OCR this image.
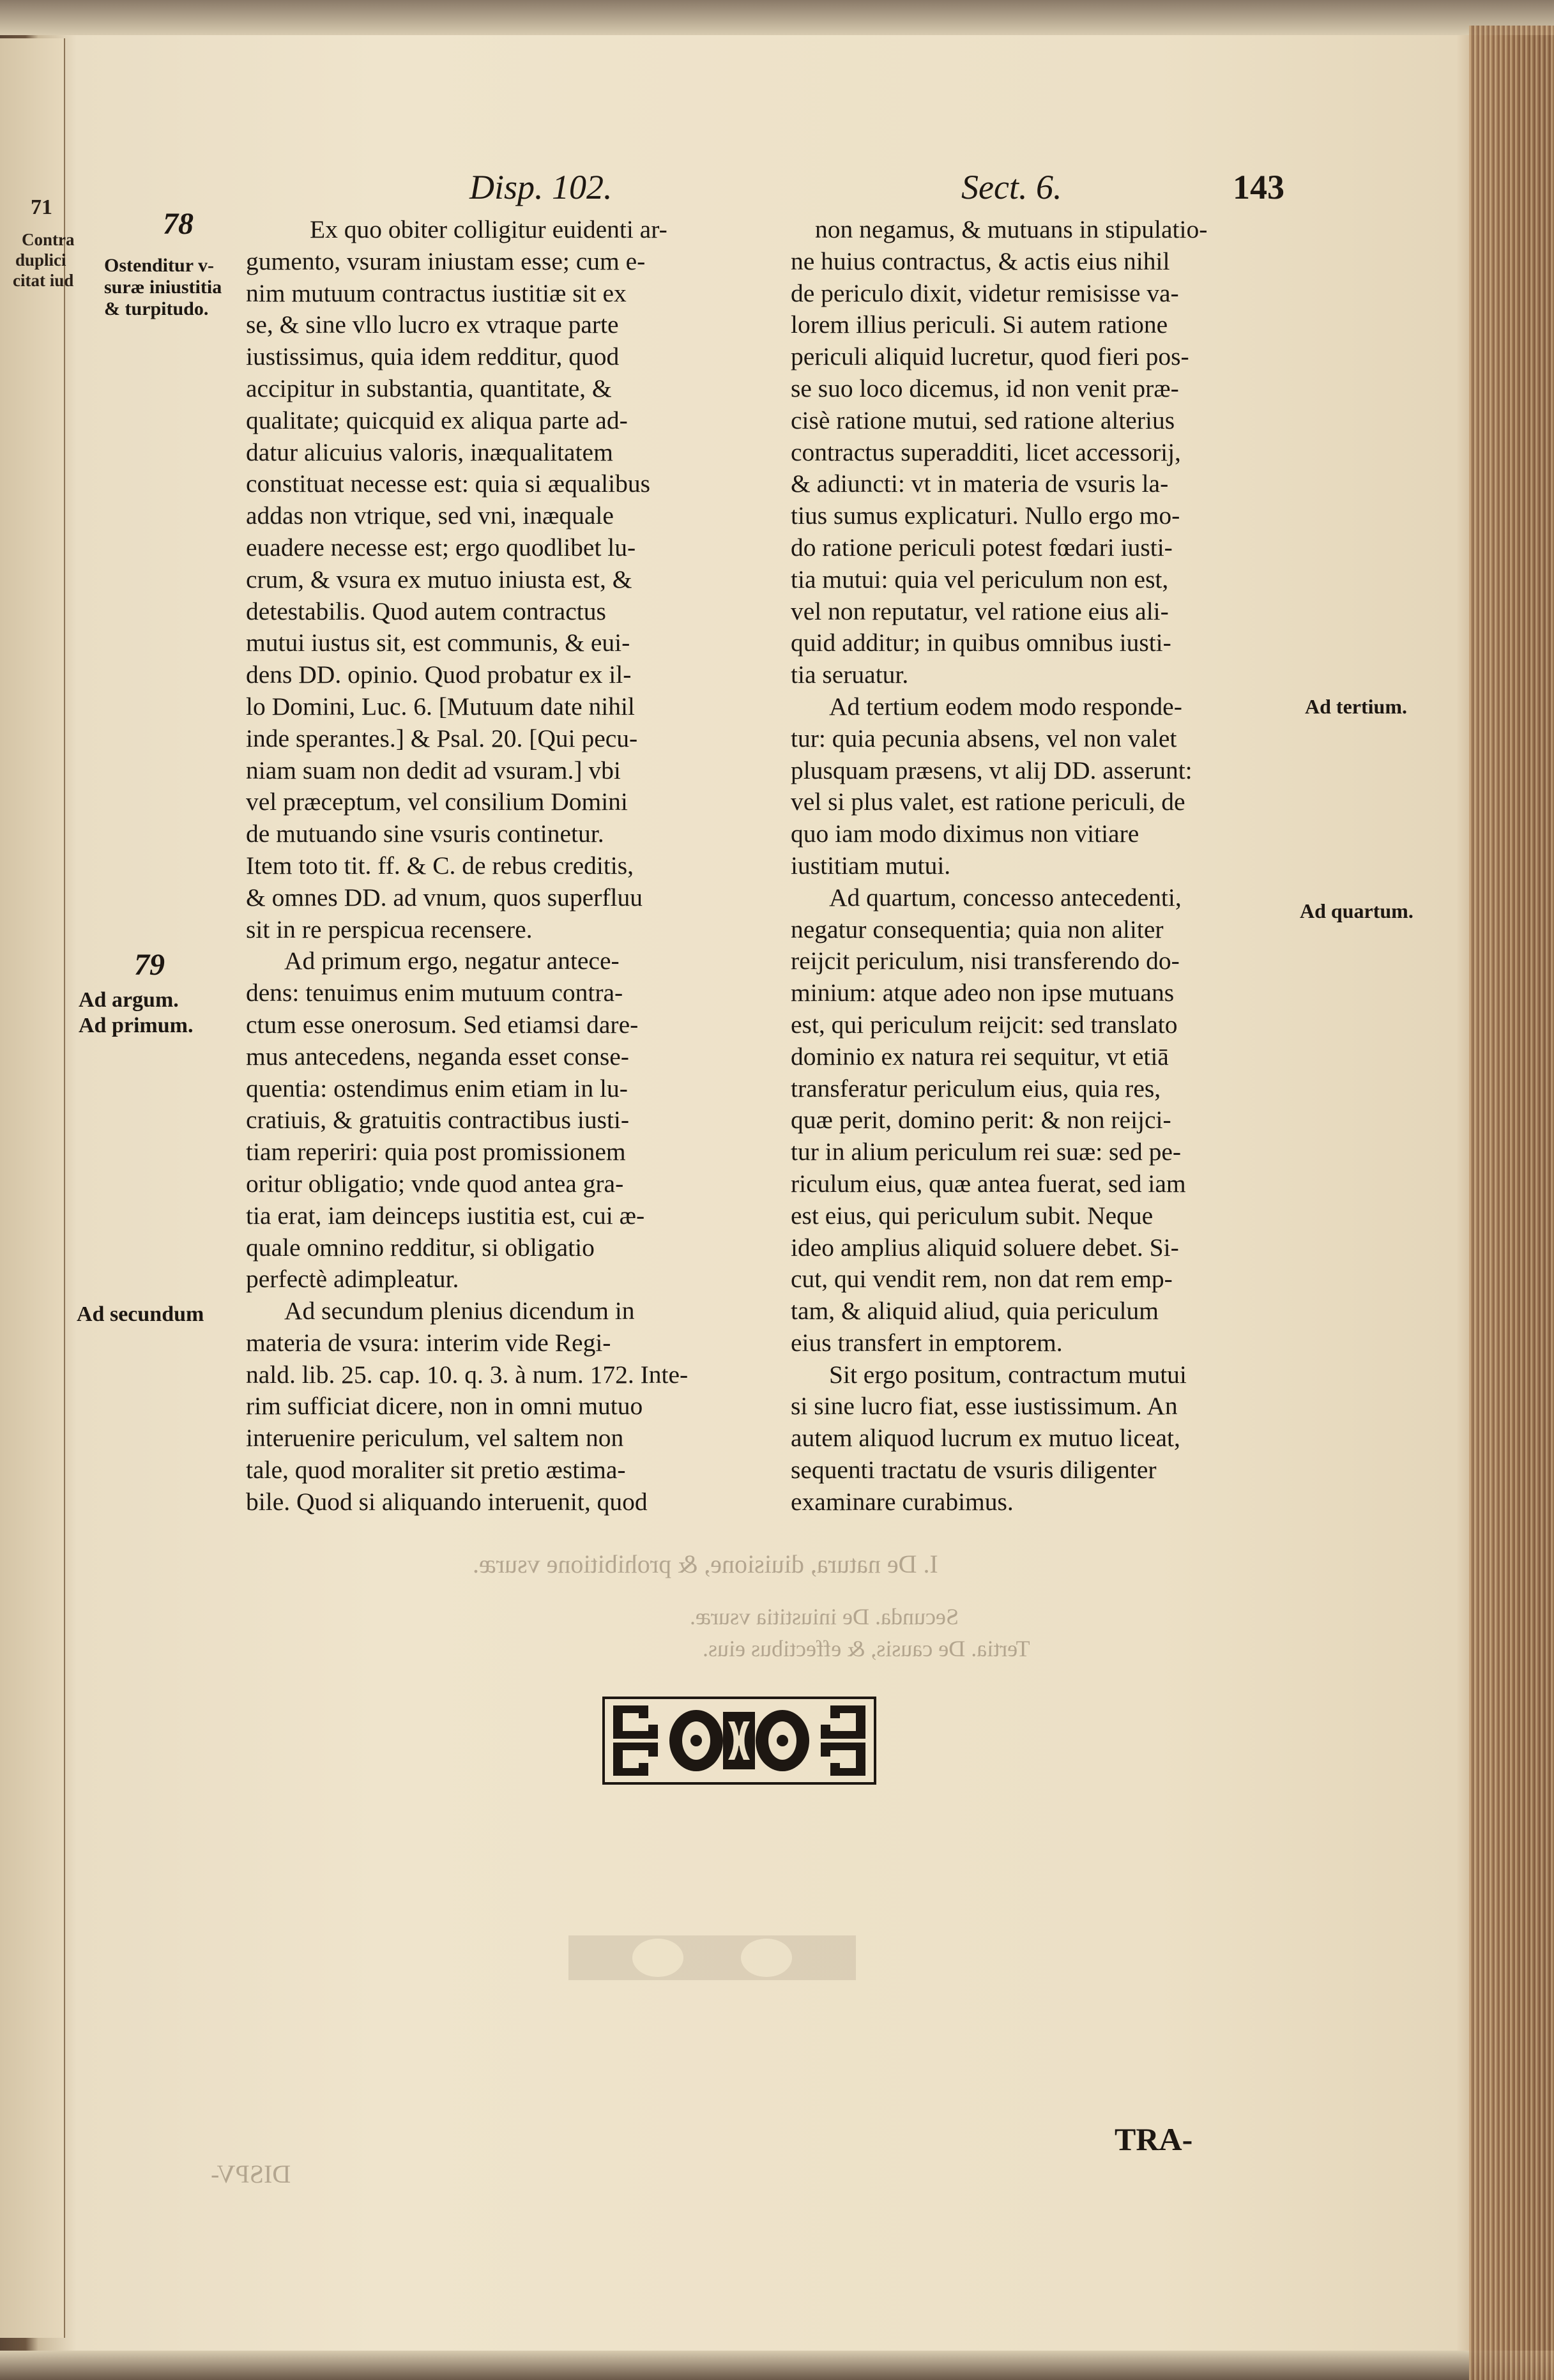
71
Contra
duplici
citat iud
I. De natura, diuisione, & prohibitione vsuræ.
Secunda. De iniustitia vsuræ.
Tertia. De causis, & effectibus eius.
DISPV-
Disp. 102.	Sect. 6.	143
78
Ostenditur v-
suræ iniustitia
& turpitudo.
79
Ad argum.
Ad primum.
Ad secundum
Ad tertium.
Ad quartum.
Ex quo obiter colligitur euidenti ar-
gumento, vsuram iniustam esse; cum e-
nim mutuum contractus iustitiæ sit ex
se, & sine vllo lucro ex vtraque parte
iustissimus, quia idem redditur, quod
accipitur in substantia, quantitate, &
qualitate; quicquid ex aliqua parte ad-
datur alicuius valoris, inæqualitatem
constituat necesse est: quia si æqualibus
addas non vtrique, sed vni, inæquale
euadere necesse est; ergo quodlibet lu-
crum, & vsura ex mutuo iniusta est, &
detestabilis. Quod autem contractus
mutui iustus sit, est communis, & eui-
dens DD. opinio. Quod probatur ex il-
lo Domini, Luc. 6. [Mutuum date nihil
inde sperantes.] & Psal. 20. [Qui pecu-
niam suam non dedit ad vsuram.] vbi
vel præceptum, vel consilium Domini
de mutuando sine vsuris continetur.
Item toto tit. ff. & C. de rebus creditis,
& omnes DD. ad vnum, quos superfluu
sit in re perspicua recensere.
Ad primum ergo, negatur antece-
dens: tenuimus enim mutuum contra-
ctum esse onerosum. Sed etiamsi dare-
mus antecedens, neganda esset conse-
quentia: ostendimus enim etiam in lu-
cratiuis, & gratuitis contractibus iusti-
tiam reperiri: quia post promissionem
oritur obligatio; vnde quod antea gra-
tia erat, iam deinceps iustitia est, cui æ-
quale omnino redditur, si obligatio
perfectè adimpleatur.
Ad secundum plenius dicendum in
materia de vsura: interim vide Regi-
nald. lib. 25. cap. 10. q. 3. à num. 172. Inte-
rim sufficiat dicere, non in omni mutuo
interuenire periculum, vel saltem non
tale, quod moraliter sit pretio æstima-
bile. Quod si aliquando interuenit, quod
non negamus, & mutuans in stipulatio-
ne huius contractus, & actis eius nihil
de periculo dixit, videtur remisisse va-
lorem illius periculi. Si autem ratione
periculi aliquid lucretur, quod fieri pos-
se suo loco dicemus, id non venit præ-
cisè ratione mutui, sed ratione alterius
contractus superadditi, licet accessorij,
& adiuncti: vt in materia de vsuris la-
tius sumus explicaturi. Nullo ergo mo-
do ratione periculi potest fœdari iusti-
tia mutui: quia vel periculum non est,
vel non reputatur, vel ratione eius ali-
quid additur; in quibus omnibus iusti-
tia seruatur.
Ad tertium eodem modo responde-
tur: quia pecunia absens, vel non valet
plusquam præsens, vt alij DD. asserunt:
vel si plus valet, est ratione periculi, de
quo iam modo diximus non vitiare
iustitiam mutui.
Ad quartum, concesso antecedenti,
negatur consequentia; quia non aliter
reijcit periculum, nisi transferendo do-
minium: atque adeo non ipse mutuans
est, qui periculum reijcit: sed translato
dominio ex natura rei sequitur, vt etiā
transferatur periculum eius, quia res,
quæ perit, domino perit: & non reijci-
tur in alium periculum rei suæ: sed pe-
riculum eius, quæ antea fuerat, sed iam
est eius, qui periculum subit. Neque
ideo amplius aliquid soluere debet. Si-
cut, qui vendit rem, non dat rem emp-
tam, & aliquid aliud, quia periculum
eius transfert in emptorem.
Sit ergo positum, contractum mutui
si sine lucro fiat, esse iustissimum. An
autem aliquod lucrum ex mutuo liceat,
sequenti tractatu de vsuris diligenter
examinare curabimus.
TRA-
